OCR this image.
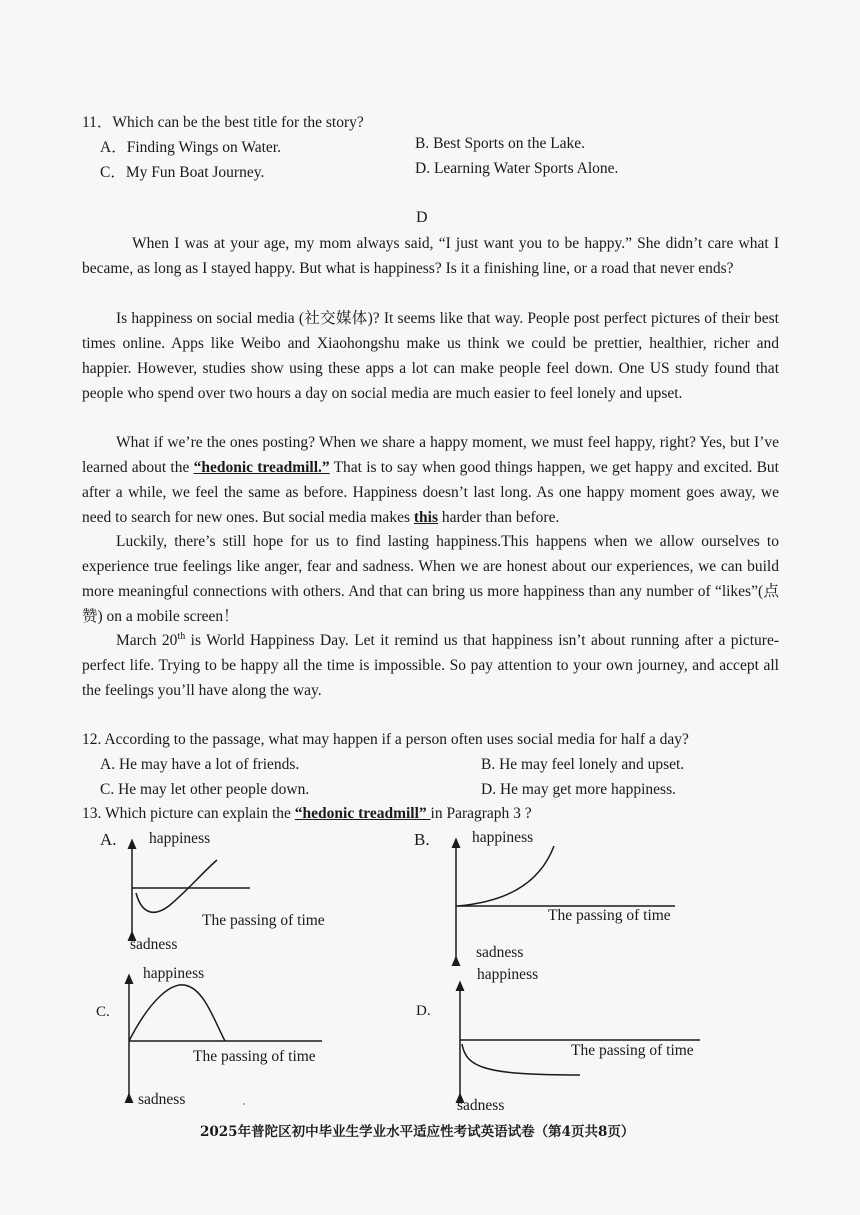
11．Which can be the best title for the story?
A．Finding Wings on Water.	B. Best Sports on the Lake.
C．My Fun Boat Journey.	D. Learning Water Sports Alone.
D

When I was at your age, my mom always said, “I just want you to be happy.” She didn’t care what I became, as long as I stayed happy. But what is happiness? Is it a finishing line, or a road that never ends?

Is happiness on social media (社交媒体)? It seems like that way. People post perfect pictures of their best times online. Apps like Weibo and Xiaohongshu make us think we could be prettier, healthier, richer and happier. However, studies show using these apps a lot can make people feel down. One US study found that people who spend over two hours a day on social media are much easier to feel lonely and upset.

What if we’re the ones posting? When we share a happy moment, we must feel happy, right? Yes, but I’ve learned about the “hedonic treadmill.” That is to say when good things happen, we get happy and excited. But after a while, we feel the same as before. Happiness doesn’t last long. As one happy moment goes away, we need to search for new ones. But social media makes this harder than before.

Luckily, there’s still hope for us to find lasting happiness.This happens when we allow ourselves to experience true feelings like anger, fear and sadness. When we are honest about our experiences, we can build more meaningful connections with others. And that can bring us more happiness than any number of “likes”(点赞) on a mobile screen！

March 20th is World Happiness Day. Let it remind us that happiness isn’t about running after a picture-perfect life. Trying to be happy all the time is impossible. So pay attention to your own journey, and accept all the feelings you’ll have along the way.

12. According to the passage, what may happen if a person often uses social media for half a day?
A. He may have a lot of friends.	B. He may feel lonely and upset.
C. He may let other people down.	D. He may get more happiness.
13. Which picture can explain the “hedonic treadmill” in Paragraph 3 ?
A. happiness
The passing of time
sadness
B.	happiness
The passing of time
sadness
happiness
C.
The passing of time
sadness
happiness
D.
The passing of time
sadness
ˌ
2025年普陀区初中毕业生学业水平适应性考试英语试卷（第4页共8页）
